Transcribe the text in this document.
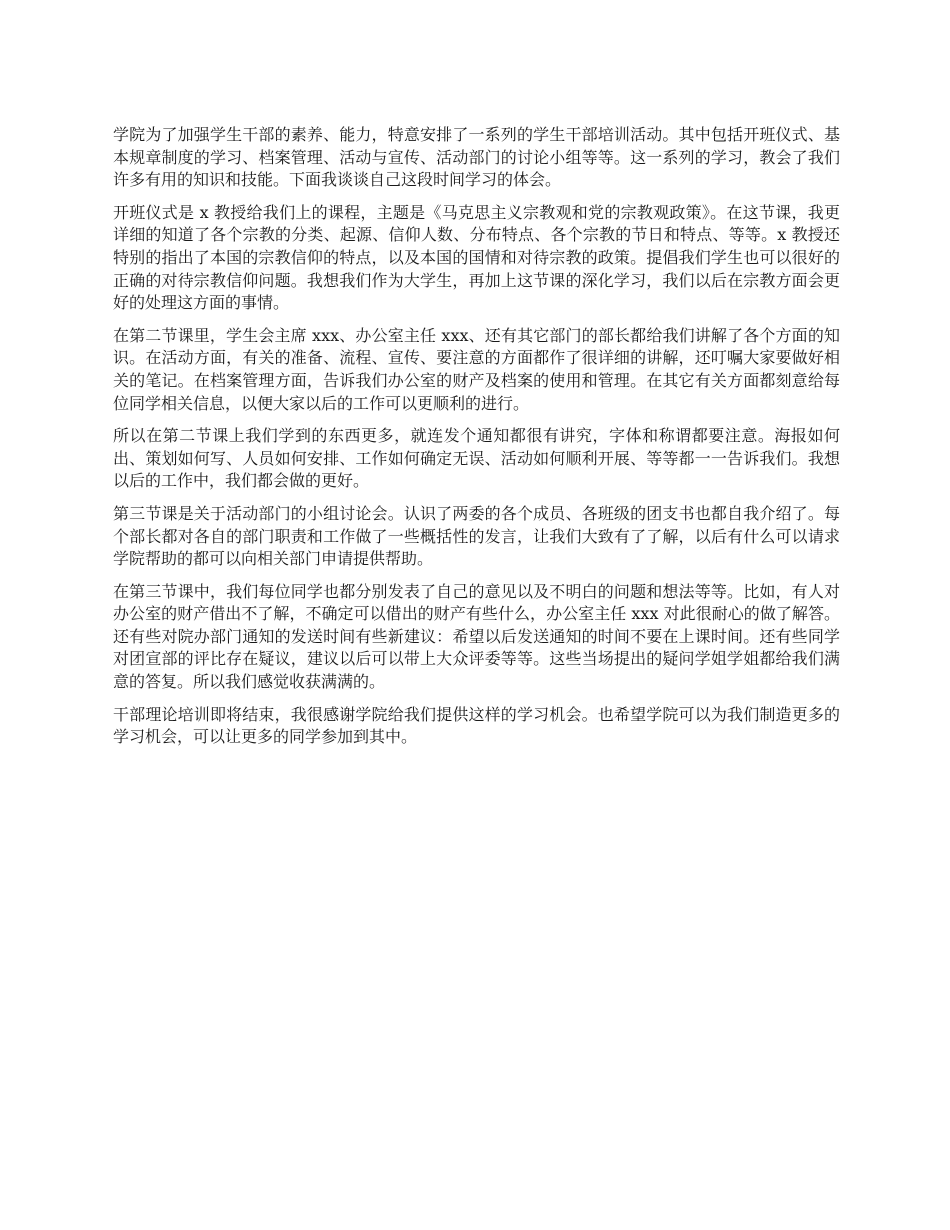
学院为了加强学生干部的素养、能力，特意安排了一系列的学生干部培训活动。其中包括开班仪式、基本规章制度的学习、档案管理、活动与宣传、活动部门的讨论小组等等。这一系列的学习，教会了我们许多有用的知识和技能。下面我谈谈自己这段时间学习的体会。

开班仪式是 x 教授给我们上的课程，主题是《马克思主义宗教观和党的宗教观政策》。在这节课，我更详细的知道了各个宗教的分类、起源、信仰人数、分布特点、各个宗教的节日和特点、等等。x 教授还特别的指出了本国的宗教信仰的特点，以及本国的国情和对待宗教的政策。提倡我们学生也可以很好的正确的对待宗教信仰问题。我想我们作为大学生，再加上这节课的深化学习，我们以后在宗教方面会更好的处理这方面的事情。

在第二节课里，学生会主席 xxx、办公室主任 xxx、还有其它部门的部长都给我们讲解了各个方面的知识。在活动方面，有关的准备、流程、宣传、要注意的方面都作了很详细的讲解，还叮嘱大家要做好相关的笔记。在档案管理方面，告诉我们办公室的财产及档案的使用和管理。在其它有关方面都刻意给每位同学相关信息，以便大家以后的工作可以更顺利的进行。

所以在第二节课上我们学到的东西更多，就连发个通知都很有讲究，字体和称谓都要注意。海报如何出、策划如何写、人员如何安排、工作如何确定无误、活动如何顺利开展、等等都一一告诉我们。我想以后的工作中，我们都会做的更好。

第三节课是关于活动部门的小组讨论会。认识了两委的各个成员、各班级的团支书也都自我介绍了。每个部长都对各自的部门职责和工作做了一些概括性的发言，让我们大致有了了解，以后有什么可以请求学院帮助的都可以向相关部门申请提供帮助。

在第三节课中，我们每位同学也都分别发表了自己的意见以及不明白的问题和想法等等。比如，有人对办公室的财产借出不了解，不确定可以借出的财产有些什么，办公室主任 xxx 对此很耐心的做了解答。还有些对院办部门通知的发送时间有些新建议：希望以后发送通知的时间不要在上课时间。还有些同学对团宣部的评比存在疑议，建议以后可以带上大众评委等等。这些当场提出的疑问学姐学姐都给我们满意的答复。所以我们感觉收获满满的。

干部理论培训即将结束，我很感谢学院给我们提供这样的学习机会。也希望学院可以为我们制造更多的学习机会，可以让更多的同学参加到其中。
